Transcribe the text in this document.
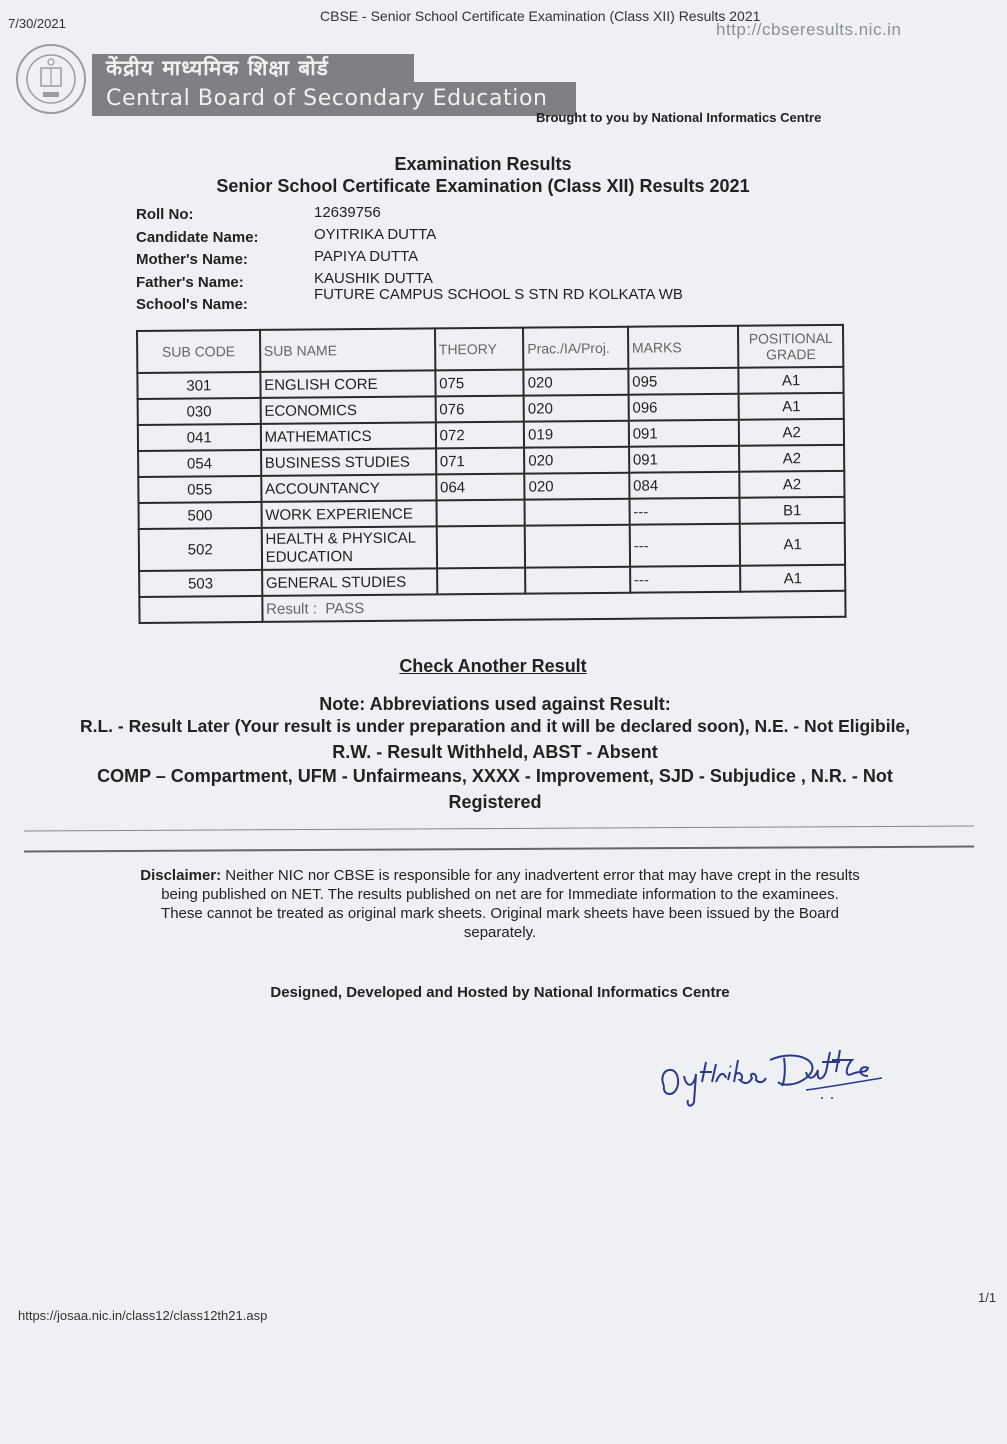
7/30/2021	CBSE - Senior School Certificate Examination (Class XII) Results 2021
http://cbseresults.nic.in
केंद्रीय माध्यमिक शिक्षा बोर्ड
Central Board of Secondary Education
Brought to you by National Informatics Centre
Examination Results
Senior School Certificate Examination (Class XII) Results 2021
Roll No:	12639756
Candidate Name:	OYITRIKA DUTTA
Mother's Name:	PAPIYA DUTTA
Father's Name:	KAUSHIK DUTTA
School's Name:
FUTURE CAMPUS SCHOOL S STN RD KOLKATA WB
SUB CODE	SUB NAME	THEORY	Prac./IA/Proj.	MARKS	POSITIONAL GRADE
301	ENGLISH CORE	075	020	095	A1
030	ECONOMICS	076	020	096	A1
041	MATHEMATICS	072	019	091	A2
054	BUSINESS STUDIES	071	020	091	A2
055	ACCOUNTANCY	064	020	084	A2
500	WORK EXPERIENCE			---	B1
502	HEALTH & PHYSICAL EDUCATION			---	A1
503	GENERAL STUDIES			---	A1
	Result : PASS				
Check Another Result
Note: Abbreviations used against Result:
R.L. - Result Later (Your result is under preparation and it will be declared soon), N.E. - Not Eligibile,
R.W. - Result Withheld, ABST - Absent
COMP – Compartment, UFM - Unfairmeans, XXXX - Improvement, SJD - Subjudice , N.R. - Not
Registered
Disclaimer: Neither NIC nor CBSE is responsible for any inadvertent error that may have crept in the results being published on NET. The results published on net are for Immediate information to the examinees. These cannot be treated as original mark sheets. Original mark sheets have been issued by the Board separately.
Designed, Developed and Hosted by National Informatics Centre
https://josaa.nic.in/class12/class12th21.asp
1/1
